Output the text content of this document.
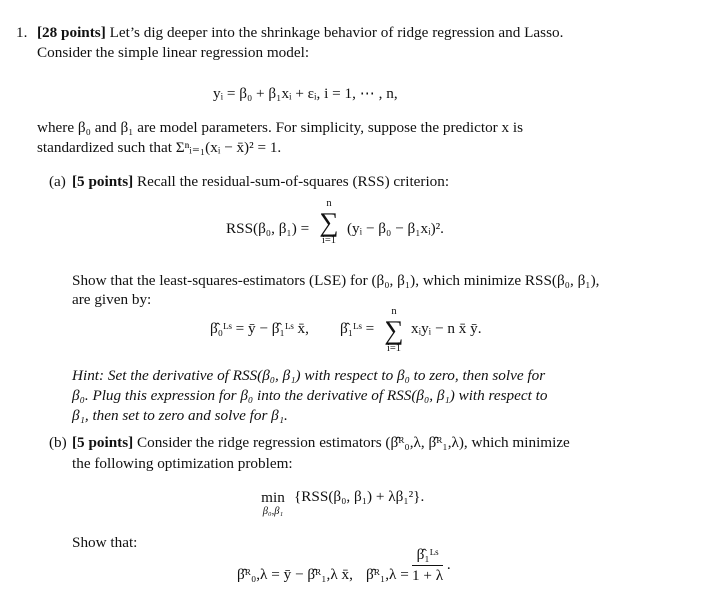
1. [28 points] Let’s dig deeper into the shrinkage behavior of ridge regression and Lasso.
Consider the simple linear regression model:
yᵢ = β₀ + β₁xᵢ + εᵢ, i = 1, ⋯ , n,
where β₀ and β₁ are model parameters. For simplicity, suppose the predictor x is
standardized such that Σⁿᵢ₌₁(xᵢ − x̄)² = 1.
(a) [5 points] Recall the residual-sum-of-squares (RSS) criterion:
RSS(β₀, β₁) =
n
∑
i=1
(yᵢ − β₀ − β₁xᵢ)².
Show that the least-squares-estimators (LSE) for (β₀, β₁), which minimize RSS(β₀, β₁),
are given by:
β̂₀ᴸˢ = ȳ − β̂₁ᴸˢ x̄, β̂₁ᴸˢ =
n
∑
i=1
xᵢyᵢ − n x̄ ȳ.
Hint: Set the derivative of RSS(β₀, β₁) with respect to β₀ to zero, then solve for
β₀. Plug this expression for β₀ into the derivative of RSS(β₀, β₁) with respect to
β₁, then set to zero and solve for β₁.
(b) [5 points] Consider the ridge regression estimators (β̂ᴿ₀,λ, β̂ᴿ₁,λ), which minimize
the following optimization problem:
min
β₀,β₁
{RSS(β₀, β₁) + λβ₁²}.
Show that:
β̂ᴿ₀,λ = ȳ − β̂ᴿ₁,λ x̄, β̂ᴿ₁,λ = $\frac{\text{β̂₁ᴸˢ}}{1 + \lambda}$ .
